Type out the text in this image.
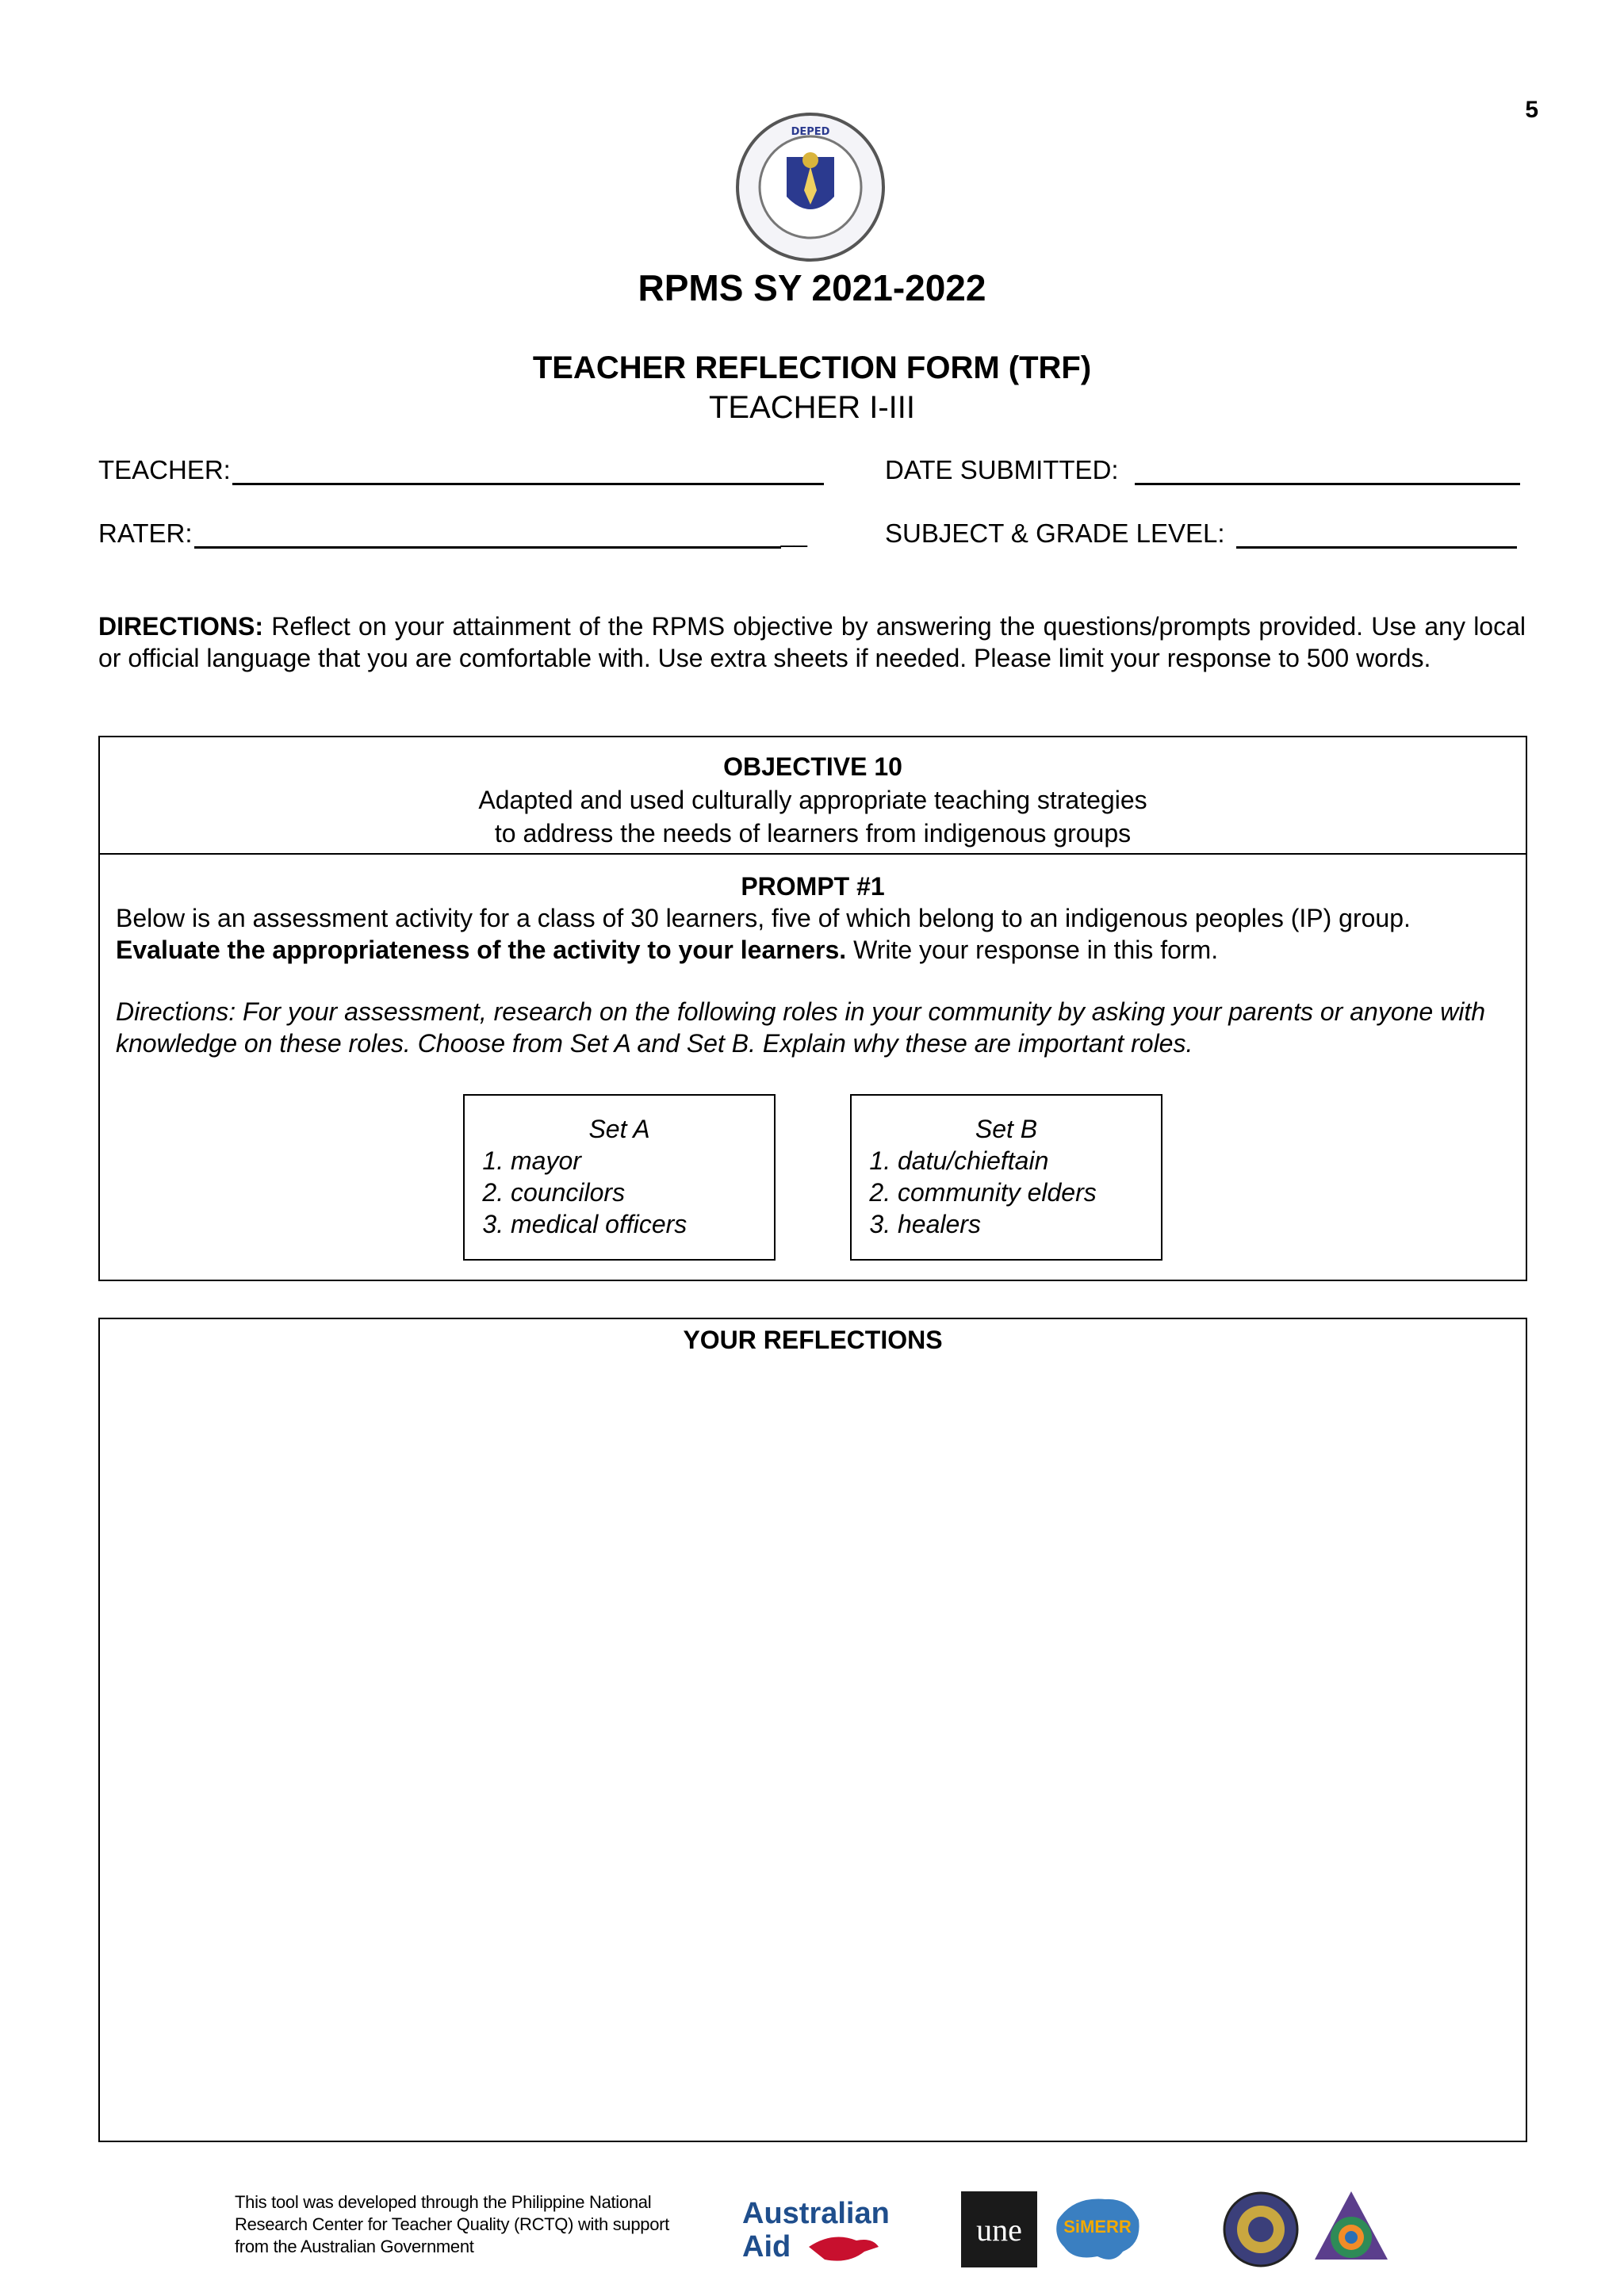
5
DEPED
RPMS SY 2021-2022
TEACHER REFLECTION FORM (TRF)
TEACHER I-III
TEACHER:	DATE SUBMITTED:
RATER:	__	SUBJECT & GRADE LEVEL:
DIRECTIONS: Reflect on your attainment of the RPMS objective by answering the questions/prompts provided. Use any local or official language that you are comfortable with. Use extra sheets if needed. Please limit your response to 500 words.
OBJECTIVE 10
Adapted and used culturally appropriate teaching strategies
to address the needs of learners from indigenous groups
PROMPT #1
Below is an assessment activity for a class of 30 learners, five of which belong to an indigenous peoples (IP) group.
Evaluate the appropriateness of the activity to your learners. Write your response in this form.
Directions: For your assessment, research on the following roles in your community by asking your parents or anyone with knowledge on these roles. Choose from Set A and Set B. Explain why these are important roles.
Set A
1. mayor
2. councilors
3. medical officers
Set B
1. datu/chieftain
2. community elders
3. healers
YOUR REFLECTIONS
This tool was developed through the Philippine National
Research Center for Teacher Quality (RCTQ) with support
from the Australian Government
Australian
Aid	une SiMERR
